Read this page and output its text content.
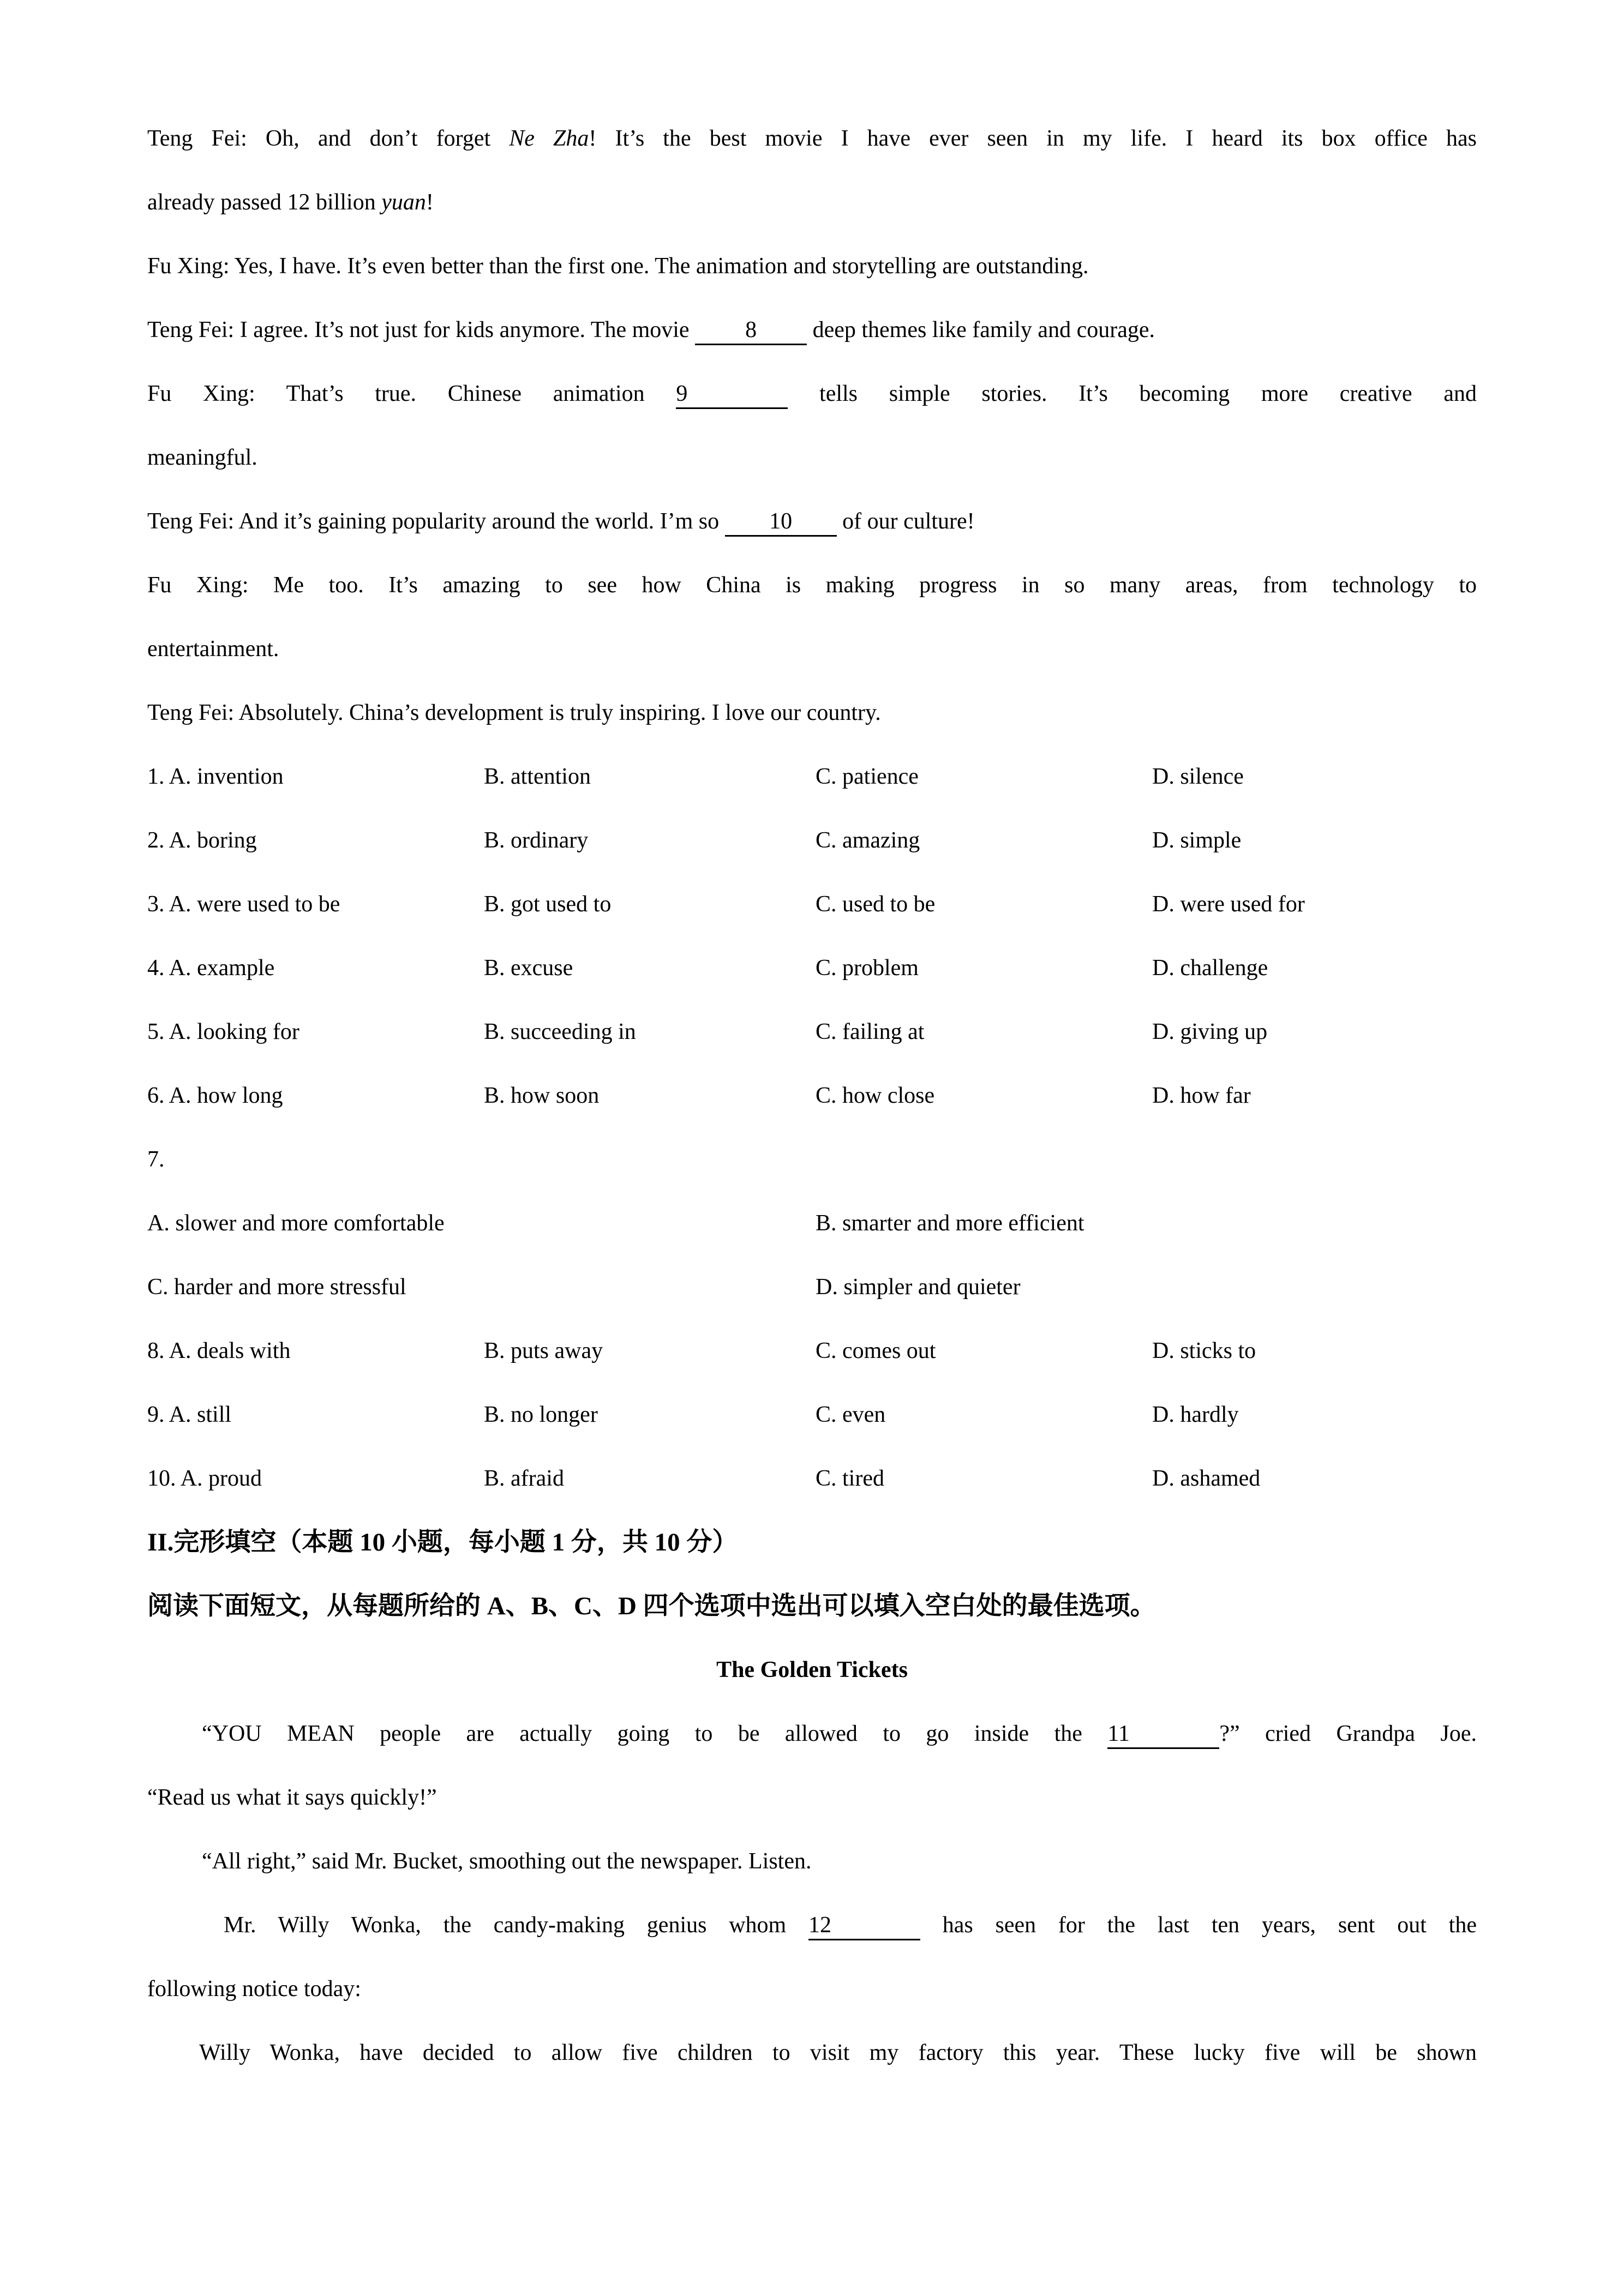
Teng Fei: Oh, and don’t forget Ne Zha! It’s the best movie I have ever seen in my life. I heard its box office has
already passed 12 billion yuan!
Fu Xing: Yes, I have. It’s even better than the first one. The animation and storytelling are outstanding.
Teng Fei: I agree. It’s not just for kids anymore. The movie 8 deep themes like family and courage.
Fu Xing: That’s true. Chinese animation 9	tells simple stories. It’s becoming more creative and
meaningful.
Teng Fei: And it’s gaining popularity around the world. I’m so 10 of our culture!
Fu Xing: Me too. It’s amazing to see how China is making progress in so many areas, from technology to
entertainment.
Teng Fei: Absolutely. China’s development is truly inspiring. I love our country.
1. A. invention	B. attention	C. patience	D. silence
2. A. boring	B. ordinary	C. amazing	D. simple
3. A. were used to be	B. got used to	C. used to be	D. were used for
4. A. example	B. excuse	C. problem	D. challenge
5. A. looking for	B. succeeding in	C. failing at	D. giving up
6. A. how long	B. how soon	C. how close	D. how far
7.
A. slower and more comfortable	B. smarter and more efficient
C. harder and more stressful	D. simpler and quieter
8. A. deals with	B. puts away	C. comes out	D. sticks to
9. A. still	B. no longer	C. even	D. hardly
10. A. proud	B. afraid	C. tired	D. ashamed
II.完形填空（本题 10 小题，每小题 1 分，共 10 分）
阅读下面短文，从每题所给的 A、B、C、D 四个选项中选出可以填入空白处的最佳选项。
The Golden Tickets
“YOU MEAN people are actually going to be allowed to go inside the 11	?” cried Grandpa Joe.
“Read us what it says quickly!”
“All right,” said Mr. Bucket, smoothing out the newspaper. Listen.
Mr. Willy Wonka, the candy-making genius whom 12	has seen for the last ten years, sent out the
following notice today:
Willy Wonka, have decided to allow five children to visit my factory this year. These lucky five will be shown
